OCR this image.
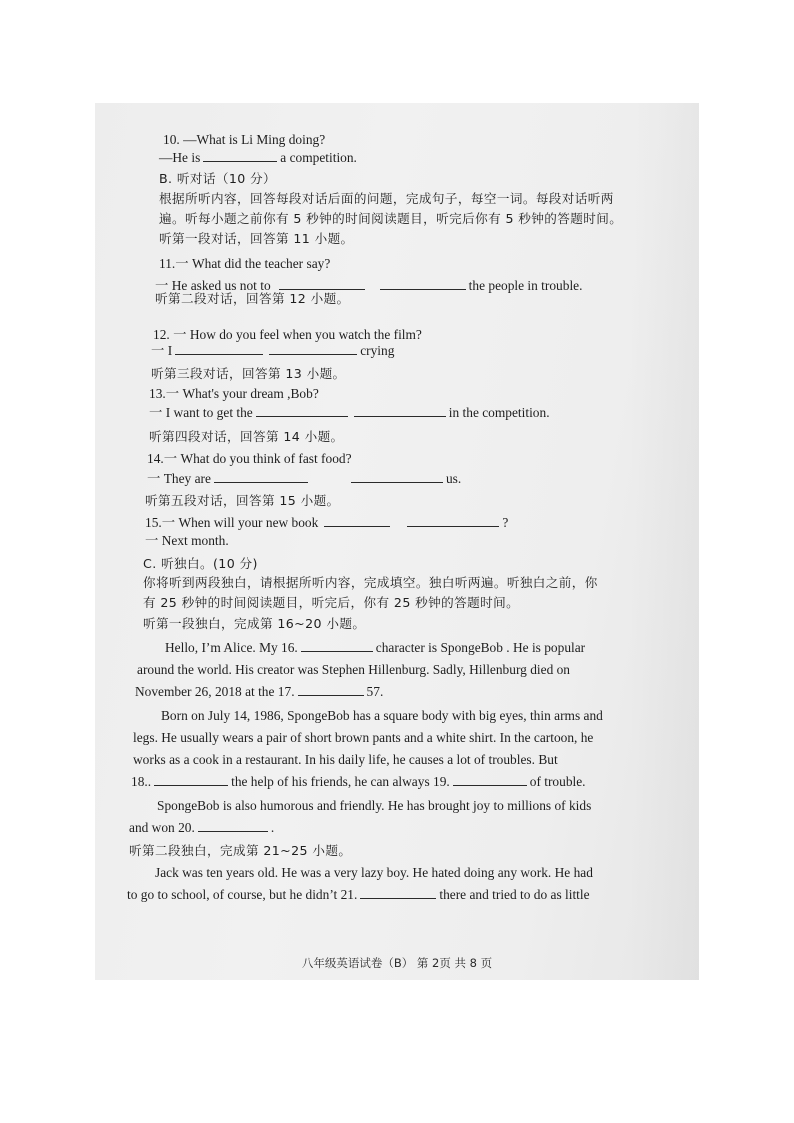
10. —What is Li Ming doing?
—He is	a competition.
B. 听对话（10 分）
根据所听内容，回答每段对话后面的问题，完成句子，每空一词。每段对话听两
遍。听每小题之前你有 5 秒钟的时间阅读题目，听完后你有 5 秒钟的答题时间。
听第一段对话，回答第 11 小题。
11.一 What did the teacher say?
一 He asked us not to	the people in trouble.
听第二段对话，回答第 12 小题。
12. 一 How do you feel when you watch the film?
一 I	crying
听第三段对话，回答第 13 小题。
13.一 What's your dream ,Bob?
一 I want to get the	in the competition.
听第四段对话，回答第 14 小题。
14.一 What do you think of fast food?
一 They are	us.
听第五段对话，回答第 15 小题。
15.一 When will your new book	?
一 Next month.
C. 听独白。(10 分)
你将听到两段独白，请根据所听内容，完成填空。独白听两遍。听独白之前，你
有 25 秒钟的时间阅读题目，听完后，你有 25 秒钟的答题时间。
听第一段独白，完成第 16~20 小题。
Hello, I’m Alice. My 16.	character is SpongeBob . He is popular
around the world. His creator was Stephen Hillenburg. Sadly, Hillenburg died on
November 26, 2018 at the 17.	57.
Born on July 14, 1986, SpongeBob has a square body with big eyes, thin arms and
legs. He usually wears a pair of short brown pants and a white shirt. In the cartoon, he
works as a cook in a restaurant. In his daily life, he causes a lot of troubles. But
18..	the help of his friends, he can always 19.	of trouble.
SpongeBob is also humorous and friendly. He has brought joy to millions of kids
and won 20.	.
听第二段独白，完成第 21~25 小题。
Jack was ten years old. He was a very lazy boy. He hated doing any work. He had
to go to school, of course, but he didn’t 21.	there and tried to do as little
八年级英语试卷（B） 第 2页 共 8 页
